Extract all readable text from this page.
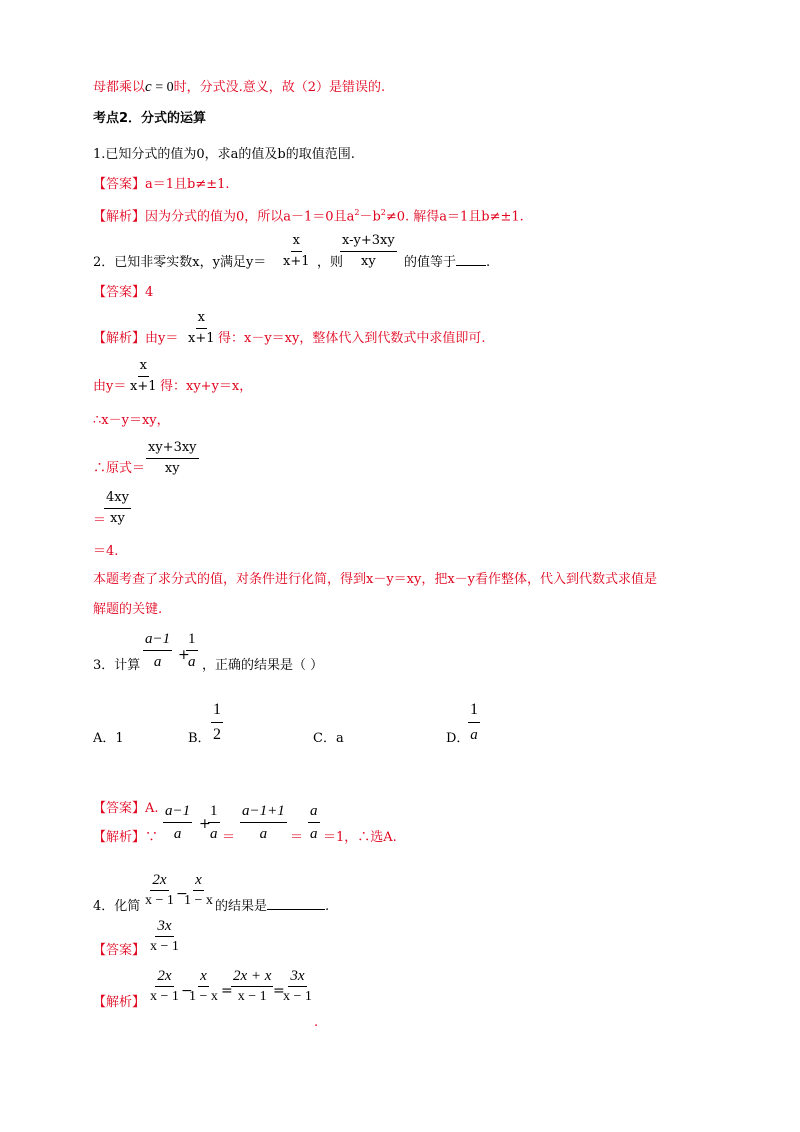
母都乘以c = 0时，分式没.意义，故（2）是错误的.
考点2．分式的运算
1.已知分式的值为0，求a的值及b的取值范围.
【答案】a＝1且b≠±1.
【解析】因为分式的值为0，所以a－1＝0且$a^2-b^2\ne 0$. 解得a＝1且b≠±1.
2．已知非零实数x，y满足$y= \frac{x}{x+1}$ ，则
$\frac{x-y+3xy}{xy}$ 的值等于 .
【答案】4
【解析】由$y= \frac{x}{x+1}$ 得：x－y＝xy，整体代入到代数式中求值即可.
由$y= \frac{x}{x+1}$ 得：xy+y＝x，
∴x－y＝xy，
∴原式＝ $\frac{xy+3xy}{xy}$
＝
$\frac{4xy}{xy}$
＝4.
本题考查了求分式的值，对条件进行化简，得到x－y＝xy，把x－y看作整体，代入到代数式求值是
解题的关键.
3．计算 $\frac{a-1}{a}$ +
$\frac{1}{a}$ ，正确的结果是（ ）
A．1	B． $\frac{1}{2}$	C．a	D．
$\frac{1}{a}$
【答案】A.
【解析】∵ $\frac{a-1}{a}$ +
$\frac{1}{a} = \frac{a-1+1}{a} = \frac{a}{a} =1$，∴选A.
4．化简 $\frac{2x}{x - 1}$ −
$\frac{x}{1 - x}$ 的结果是	.
【答案】 $\frac{3x}{x - 1}$
【解析】 $\frac{2x}{x - 1}$ −
$\frac{x}{1 - x}$ =
$\frac{2x + x}{x - 1}$ =
$\frac{3x}{x - 1}$
.
